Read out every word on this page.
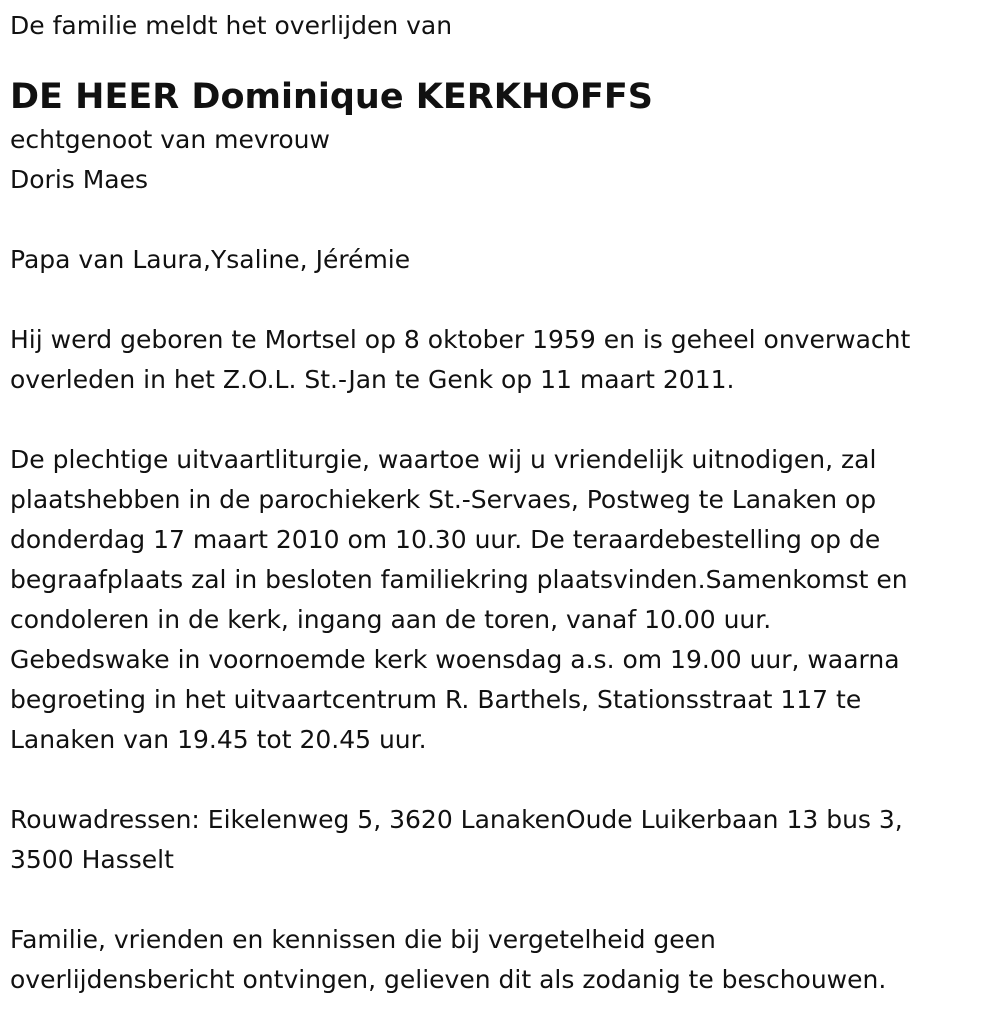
De familie meldt het overlijden van

DE HEER Dominique KERKHOFFS

echtgenoot van mevrouw

Doris Maes

Papa van Laura,Ysaline, Jérémie

Hij werd geboren te Mortsel op 8 oktober 1959 en is geheel onverwacht

overleden in het Z.O.L. St.-Jan te Genk op 11 maart 2011.

De plechtige uitvaartliturgie, waartoe wij u vriendelijk uitnodigen, zal

plaatshebben in de parochiekerk St.-Servaes, Postweg te Lanaken op

donderdag 17 maart 2010 om 10.30 uur. De teraardebestelling op de

begraafplaats zal in besloten familiekring plaatsvinden.Samenkomst en

condoleren in de kerk, ingang aan de toren, vanaf 10.00 uur.

Gebedswake in voornoemde kerk woensdag a.s. om 19.00 uur, waarna

begroeting in het uitvaartcentrum R. Barthels, Stationsstraat 117 te

Lanaken van 19.45 tot 20.45 uur.

Rouwadressen: Eikelenweg 5, 3620 LanakenOude Luikerbaan 13 bus 3,

3500 Hasselt

Familie, vrienden en kennissen die bij vergetelheid geen

overlijdensbericht ontvingen, gelieven dit als zodanig te beschouwen.
